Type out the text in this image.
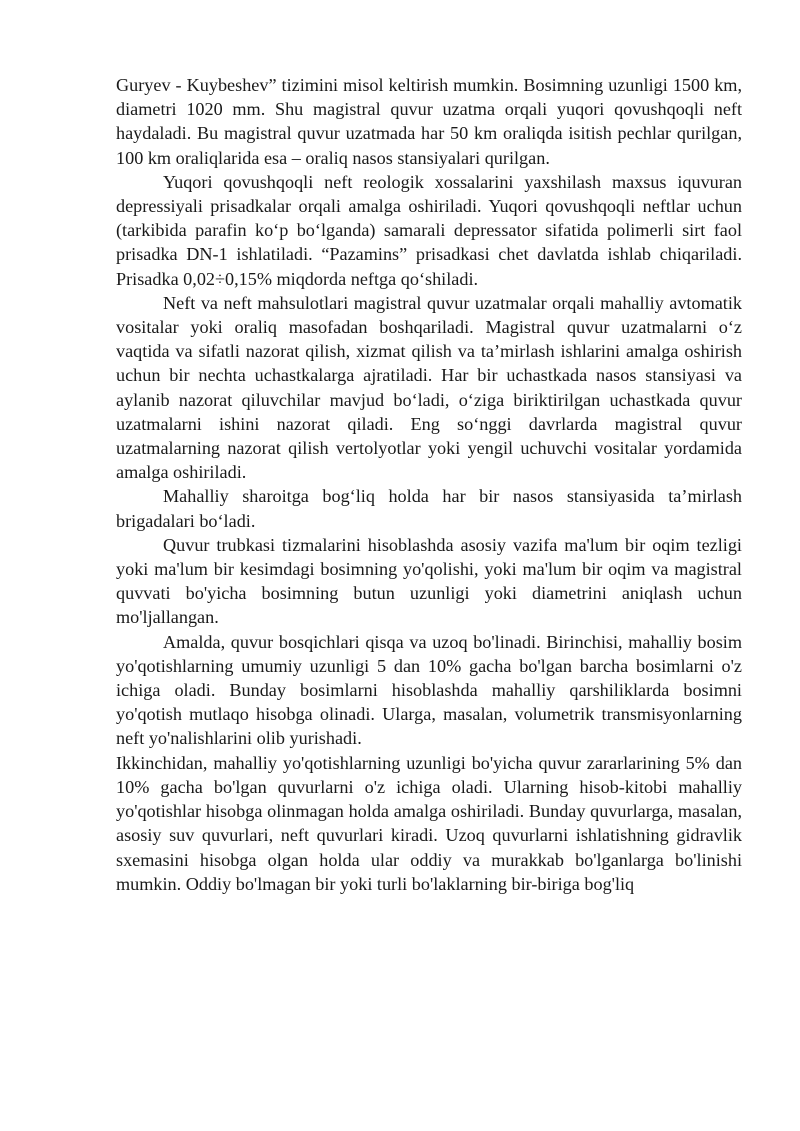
Guryev - Kuybeshev” tizimini misol keltirish mumkin. Bosimning uzunligi 1500 km, diametri 1020 mm. Shu magistral quvur uzatma orqali yuqori qovushqoqli neft haydaladi. Bu magistral quvur uzatmada har 50 km oraliqda isitish pechlar qurilgan, 100 km oraliqlarida esa – oraliq nasos stansiyalari qurilgan.

Yuqori qovushqoqli neft reologik xossalarini yaxshilash maxsus iquvuran depressiyali prisadkalar orqali amalga oshiriladi. Yuqori qovushqoqli neftlar uchun (tarkibida parafin koʻp boʻlganda) samarali depressator sifatida polimerli sirt faol prisadka DN-1 ishlatiladi. “Pazamins” prisadkasi chet davlatda ishlab chiqariladi. Prisadka 0,02÷0,15% miqdorda neftga qoʻshiladi.

Neft va neft mahsulotlari magistral quvur uzatmalar orqali mahalliy avtomatik vositalar yoki oraliq masofadan boshqariladi. Magistral quvur uzatmalarni oʻz vaqtida va sifatli nazorat qilish, xizmat qilish va ta’mirlash ishlarini amalga oshirish uchun bir nechta uchastkalarga ajratiladi. Har bir uchastkada nasos stansiyasi va aylanib nazorat qiluvchilar mavjud boʻladi, oʻziga biriktirilgan uchastkada quvur uzatmalarni ishini nazorat qiladi. Eng soʻnggi davrlarda magistral quvur uzatmalarning nazorat qilish vertolyotlar yoki yengil uchuvchi vositalar yordamida amalga oshiriladi.

Mahalliy sharoitga bogʻliq holda har bir nasos stansiyasida ta’mirlash brigadalari boʻladi.

Quvur trubkasi tizmalarini hisoblashda asosiy vazifa ma'lum bir oqim tezligi yoki ma'lum bir kesimdagi bosimning yo'qolishi, yoki ma'lum bir oqim va magistral quvvati bo'yicha bosimning butun uzunligi yoki diametrini aniqlash uchun mo'ljallangan.

Amalda, quvur bosqichlari qisqa va uzoq bo'linadi. Birinchisi, mahalliy bosim yo'qotishlarning umumiy uzunligi 5 dan 10% gacha bo'lgan barcha bosimlarni o'z ichiga oladi. Bunday bosimlarni hisoblashda mahalliy qarshiliklarda bosimni yo'qotish mutlaqo hisobga olinadi. Ularga, masalan, volumetrik transmisyonlarning neft yo'nalishlarini olib yurishadi.

Ikkinchidan, mahalliy yo'qotishlarning uzunligi bo'yicha quvur zararlarining 5% dan 10% gacha bo'lgan quvurlarni o'z ichiga oladi. Ularning hisob-kitobi mahalliy yo'qotishlar hisobga olinmagan holda amalga oshiriladi. Bunday quvurlarga, masalan, asosiy suv quvurlari, neft quvurlari kiradi. Uzoq quvurlarni ishlatishning gidravlik sxemasini hisobga olgan holda ular oddiy va murakkab bo'lganlarga bo'linishi mumkin. Oddiy bo'lmagan bir yoki turli bo'laklarning bir-biriga bog'liq
